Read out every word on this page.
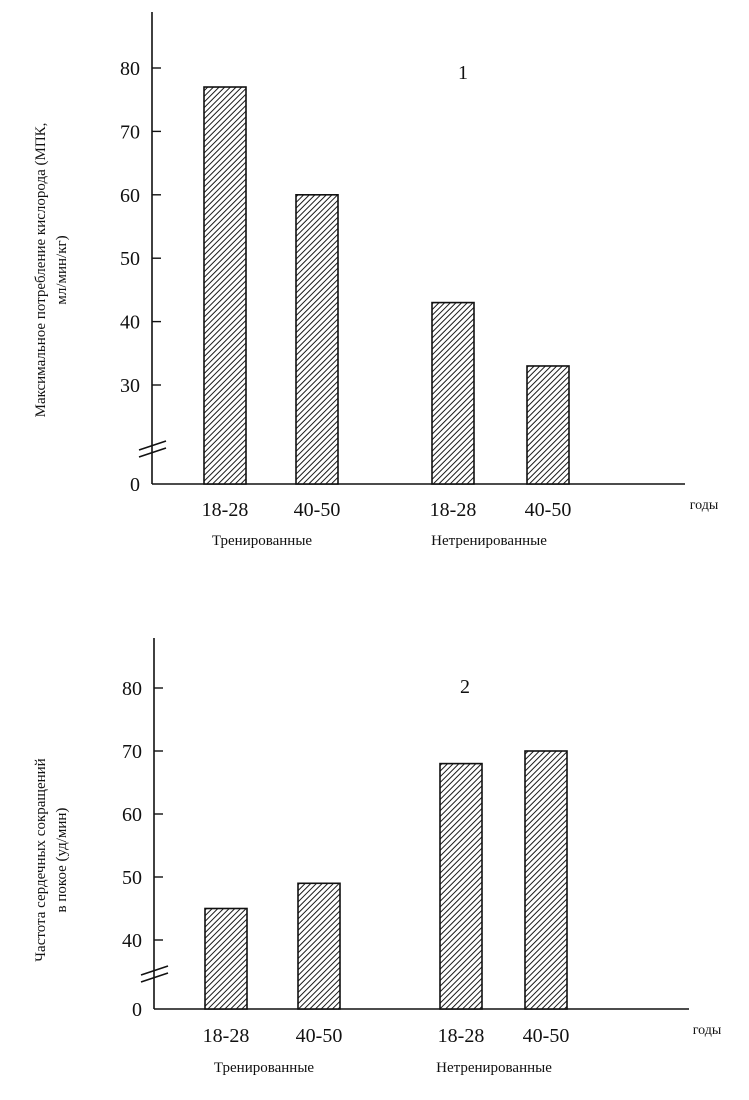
0
30
40
50
60
70
80
18-28 40-50	18-28 40-50
1
годы
Максимальное потребление кислорода (МПК, мл/мин/кг)
Тренированные	Нетренированные
0
40
50
60
70
80
18-28 40-50	18-28 40-50
2
годы
Частота сердечных сокращений в покое (уд/мин)
Тренированные	Нетренированные
